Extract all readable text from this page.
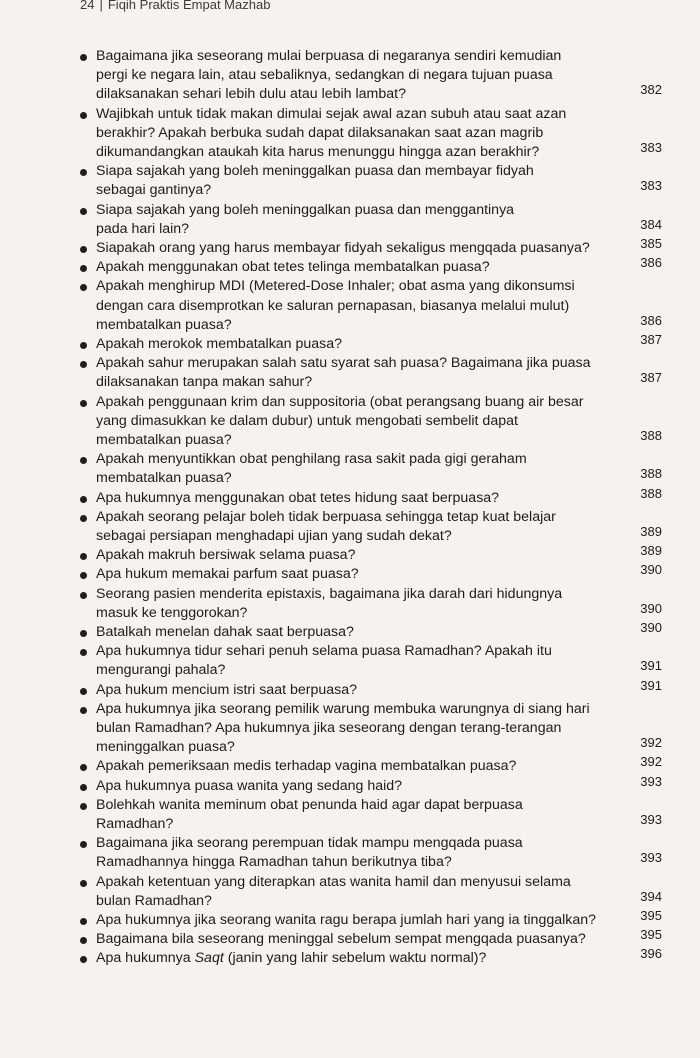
24 | Fiqih Praktis Empat Mazhab
Bagaimana jika seseorang mulai berpuasa di negaranya sendiri kemudian
pergi ke negara lain, atau sebaliknya, sedangkan di negara tujuan puasa
dilaksanakan sehari lebih dulu atau lebih lambat?	382
Wajibkah untuk tidak makan dimulai sejak awal azan subuh atau saat azan
berakhir? Apakah berbuka sudah dapat dilaksanakan saat azan magrib
dikumandangkan ataukah kita harus menunggu hingga azan berakhir?	383
Siapa sajakah yang boleh meninggalkan puasa dan membayar fidyah
sebagai gantinya?	383
Siapa sajakah yang boleh meninggalkan puasa dan menggantinya
pada hari lain?	384
Siapakah orang yang harus membayar fidyah sekaligus mengqada puasanya?	385
Apakah menggunakan obat tetes telinga membatalkan puasa?	386
Apakah menghirup MDI (Metered-Dose Inhaler; obat asma yang dikonsumsi
dengan cara disemprotkan ke saluran pernapasan, biasanya melalui mulut)
membatalkan puasa?	386
Apakah merokok membatalkan puasa?	387
Apakah sahur merupakan salah satu syarat sah puasa? Bagaimana jika puasa
dilaksanakan tanpa makan sahur?	387
Apakah penggunaan krim dan suppositoria (obat perangsang buang air besar
yang dimasukkan ke dalam dubur) untuk mengobati sembelit dapat
membatalkan puasa?	388
Apakah menyuntikkan obat penghilang rasa sakit pada gigi geraham
membatalkan puasa?	388
Apa hukumnya menggunakan obat tetes hidung saat berpuasa?	388
Apakah seorang pelajar boleh tidak berpuasa sehingga tetap kuat belajar
sebagai persiapan menghadapi ujian yang sudah dekat?	389
Apakah makruh bersiwak selama puasa?	389
Apa hukum memakai parfum saat puasa?	390
Seorang pasien menderita epistaxis, bagaimana jika darah dari hidungnya
masuk ke tenggorokan?	390
Batalkah menelan dahak saat berpuasa?	390
Apa hukumnya tidur sehari penuh selama puasa Ramadhan? Apakah itu
mengurangi pahala?	391
Apa hukum mencium istri saat berpuasa?	391
Apa hukumnya jika seorang pemilik warung membuka warungnya di siang hari
bulan Ramadhan? Apa hukumnya jika seseorang dengan terang-terangan
meninggalkan puasa?	392
Apakah pemeriksaan medis terhadap vagina membatalkan puasa?	392
Apa hukumnya puasa wanita yang sedang haid?	393
Bolehkah wanita meminum obat penunda haid agar dapat berpuasa
Ramadhan?	393
Bagaimana jika seorang perempuan tidak mampu mengqada puasa
Ramadhannya hingga Ramadhan tahun berikutnya tiba?	393
Apakah ketentuan yang diterapkan atas wanita hamil dan menyusui selama
bulan Ramadhan?	394
Apa hukumnya jika seorang wanita ragu berapa jumlah hari yang ia tinggalkan?	395
Bagaimana bila seseorang meninggal sebelum sempat mengqada puasanya?	395
Apa hukumnya Saqt (janin yang lahir sebelum waktu normal)?	396
